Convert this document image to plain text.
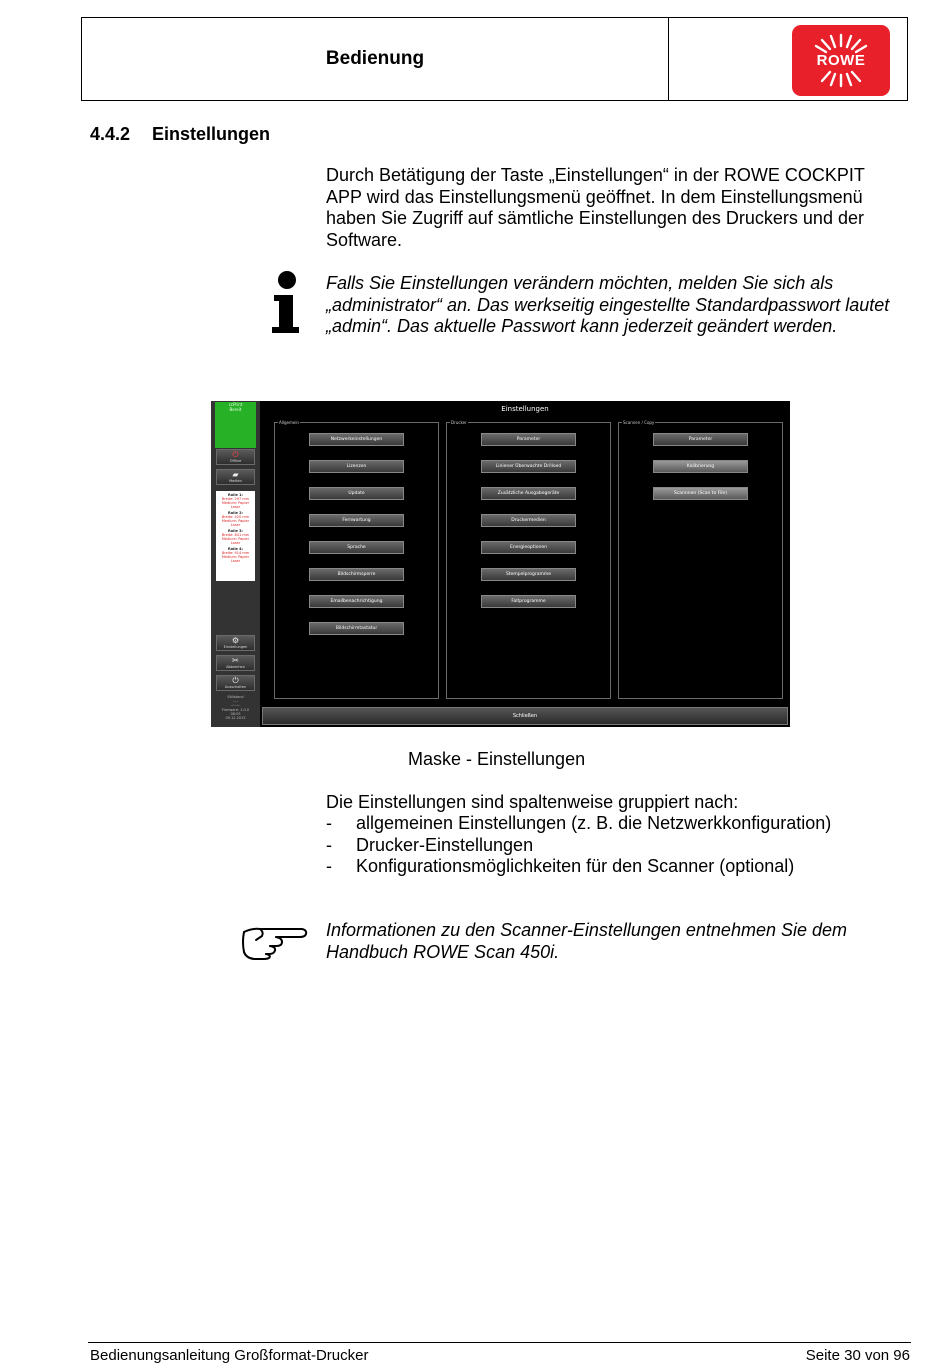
Bedienung	ROWE
4.4.2 Einstellungen
Durch Betätigung der Taste „Einstellungen“ in der ROWE COCKPIT APP wird das Einstellungsmenü geöffnet. In dem Einstellungsmenü haben Sie Zugriff auf sämtliche Einstellungen des Druckers und der Software.
Falls Sie Einstellungen verändern möchten, melden Sie sich als „administrator“ an. Das werkseitig eingestellte Standardpasswort lautet „admin“. Das aktuelle Passwort kann jederzeit geändert werden.
ccPrint
Bereit
⏻
Offline
▰
Medien
Rolle 1:
Breite: 297 mm
Medium: Papier
Laser
Rolle 2:
Breite: 420 mm
Medium: Papier
Laser
Rolle 3:
Breite: 841 mm
Medium: Papier
Laser
Rolle 4:
Breite: 914 mm
Medium: Papier
Laser
⚙
Einstellungen
✂
Abbrechen
⏻
Ausschalten
Stillstand
----
--:--:--
Firmware: 1.0.0
08:05
09.12.2013
Einstellungen
Allgemein
Netzwerkeinstellungen
Lizenzen
Update
Fernwartung
Sprache
Bildschirmsperre
Emailbenachrichtigung
Bildschirmtastatur
Drucker
Parameter
Liniener Überwachte Drilloed
Zusätzliche Ausgabegeräte
Druckermedien
Energieoptionen
Stempelprogramme
Faltprogramme
Scannen / Copy
Parameter
Kalibrierung
Scannnen (Scan to File)
Schließen
Maske - Einstellungen
Die Einstellungen sind spaltenweise gruppiert nach:
- allgemeinen Einstellungen (z. B. die Netzwerkkonfiguration)
- Drucker-Einstellungen
- Konfigurationsmöglichkeiten für den Scanner (optional)
Informationen zu den Scanner-Einstellungen entnehmen Sie dem Handbuch ROWE Scan 450i.
Bedienungsanleitung Großformat-Drucker	Seite 30 von 96
